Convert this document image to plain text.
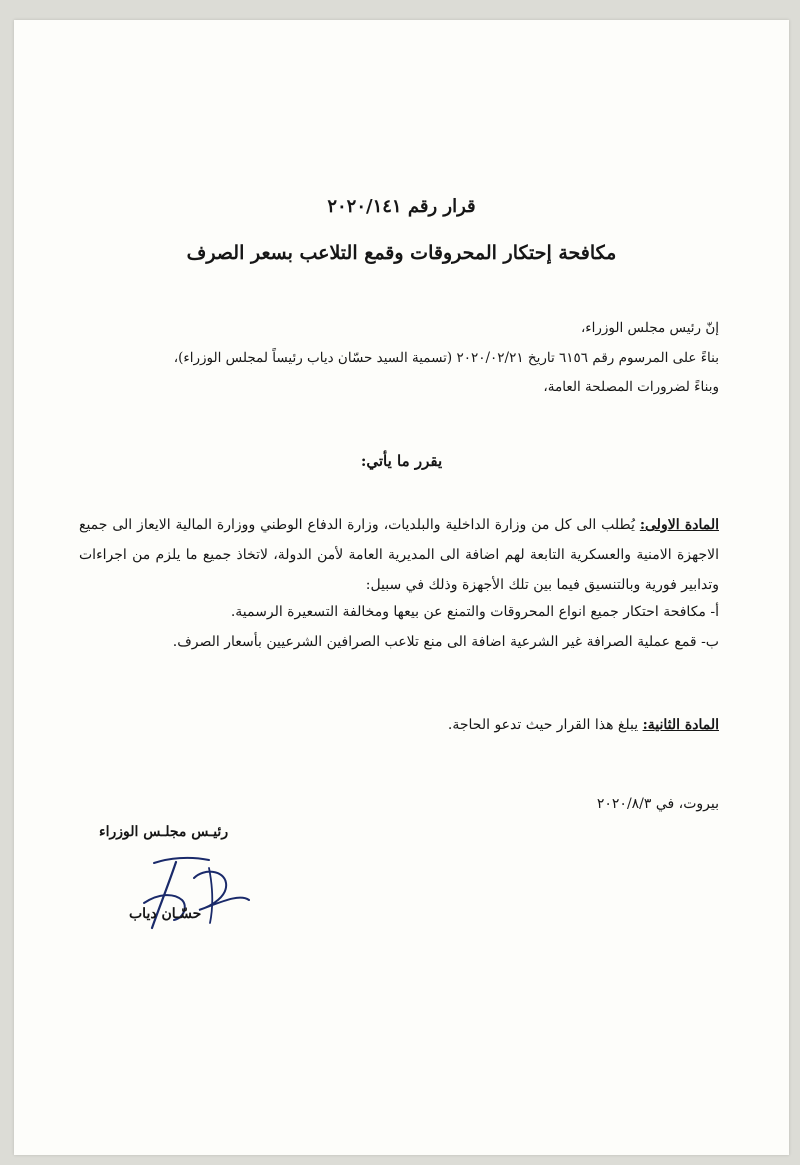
قرار رقم ٢٠٢٠/١٤١
مكافحة إحتكار المحروقات وقمع التلاعب بسعر الصرف
إنّ رئيس مجلس الوزراء،
بناءً على المرسوم رقم ٦١٥٦ تاريخ ٢٠٢٠/٠٢/٢١ (تسمية السيد حسّان دياب رئيساً لمجلس الوزراء)،
وبناءً لضرورات المصلحة العامة،
يقرر ما يأتي:
المادة الاولى: يُطلب الى كل من وزارة الداخلية والبلديات، وزارة الدفاع الوطني ووزارة المالية الايعاز الى جميع الاجهزة الامنية والعسكرية التابعة لهم اضافة الى المديرية العامة لأمن الدولة، لاتخاذ جميع ما يلزم من اجراءات وتدابير فورية وبالتنسيق فيما بين تلك الأجهزة وذلك في سبيل:
أ- مكافحة احتكار جميع انواع المحروقات والتمنع عن بيعها ومخالفة التسعيرة الرسمية.
ب- قمع عملية الصرافة غير الشرعية اضافة الى منع تلاعب الصرافين الشرعيين بأسعار الصرف.
المادة الثانية: يبلغ هذا القرار حيث تدعو الحاجة.
بيروت، في ٢٠٢٠/٨/٣
رئيـس مجلـس الوزراء
حسّـان دياب
